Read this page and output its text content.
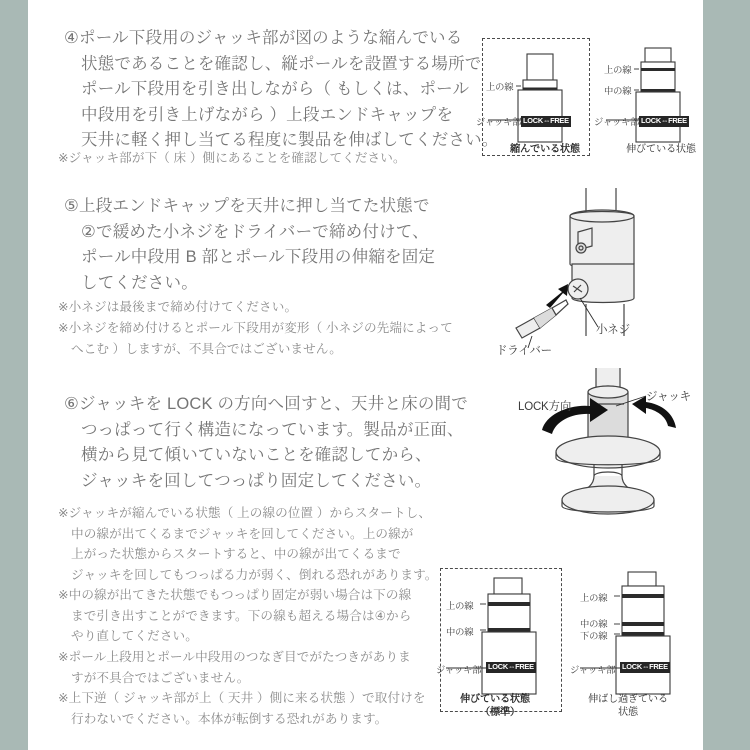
④ポール下段用のジャッキ部が図のような縮んでいる
状態であることを確認し、縦ポールを設置する場所で
ポール下段用を引き出しながら（ もしくは、ポール
中段用を引き上げながら ）上段エンドキャップを
天井に軽く押し当てる程度に製品を伸ばしてください。
※ジャッキ部が下（ 床 ）側にあることを確認してください。
⑤上段エンドキャップを天井に押し当てた状態で
②で緩めた小ネジをドライバーで締め付けて、
ポール中段用 B 部とポール下段用の伸縮を固定
してください。
※小ネジは最後まで締め付けてください。
※小ネジを締め付けるとポール下段用が変形（ 小ネジの先端によって
へこむ ）しますが、不具合ではございません。
⑥ジャッキを LOCK の方向へ回すと、天井と床の間で
つっぱって行く構造になっています。製品が正面、
横から見て傾いていないことを確認してから、
ジャッキを回してつっぱり固定してください。
※ジャッキが縮んでいる状態（ 上の線の位置 ）からスタートし、
中の線が出てくるまでジャッキを回してください。上の線が
上がった状態からスタートすると、中の線が出てくるまで
ジャッキを回してもつっぱる力が弱く、倒れる恐れがあります。
※中の線が出てきた状態でもつっぱり固定が弱い場合は下の線
まで引き出すことができます。下の線も超える場合は④から
やり直してください。
※ポール上段用とポール中段用のつなぎ目でがたつきがありま
すが不具合ではございません。
※上下逆（ ジャッキ部が上（ 天井 ）側に来る状態 ）で取付けを
行わないでください。本体が転倒する恐れがあります。
上の線
ジャッキ部 LOCK⇔FREE
縮んでいる状態
上の線
中の線
ジャッキ部 LOCK⇔FREE
伸びている状態
ドライバー
小ネジ
LOCK方向
ジャッキ
上の線
中の線
ジャッキ部 LOCK⇔FREE
伸びている状態
（標準）
上の線
中の線
下の線
ジャッキ部 LOCK⇔FREE
伸ばし過ぎている
状態
